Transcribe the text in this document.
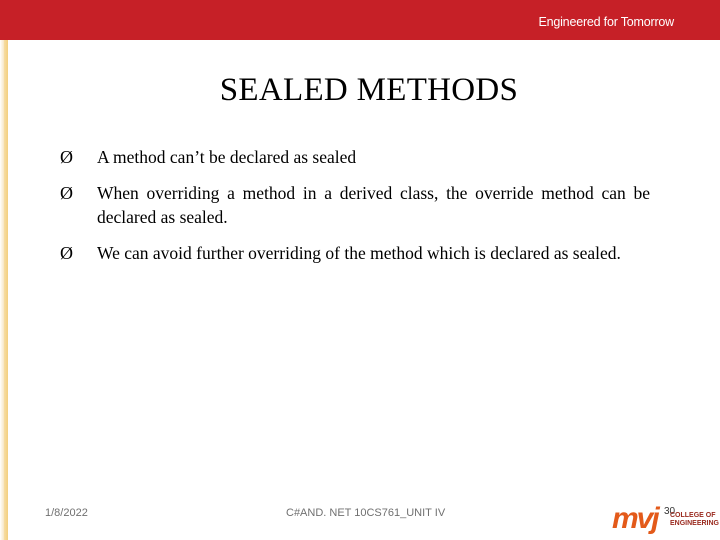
Engineered for Tomorrow
SEALED METHODS
Ø	A method can’t be declared as sealed
Ø	When overriding a method in a derived class, the override method can be declared as sealed.
Ø	We can avoid further overriding of the method which is declared as sealed.
1/8/2022	C#AND. NET 10CS761_UNIT IV	mvj 30
COLLEGE OF
ENGINEERING
